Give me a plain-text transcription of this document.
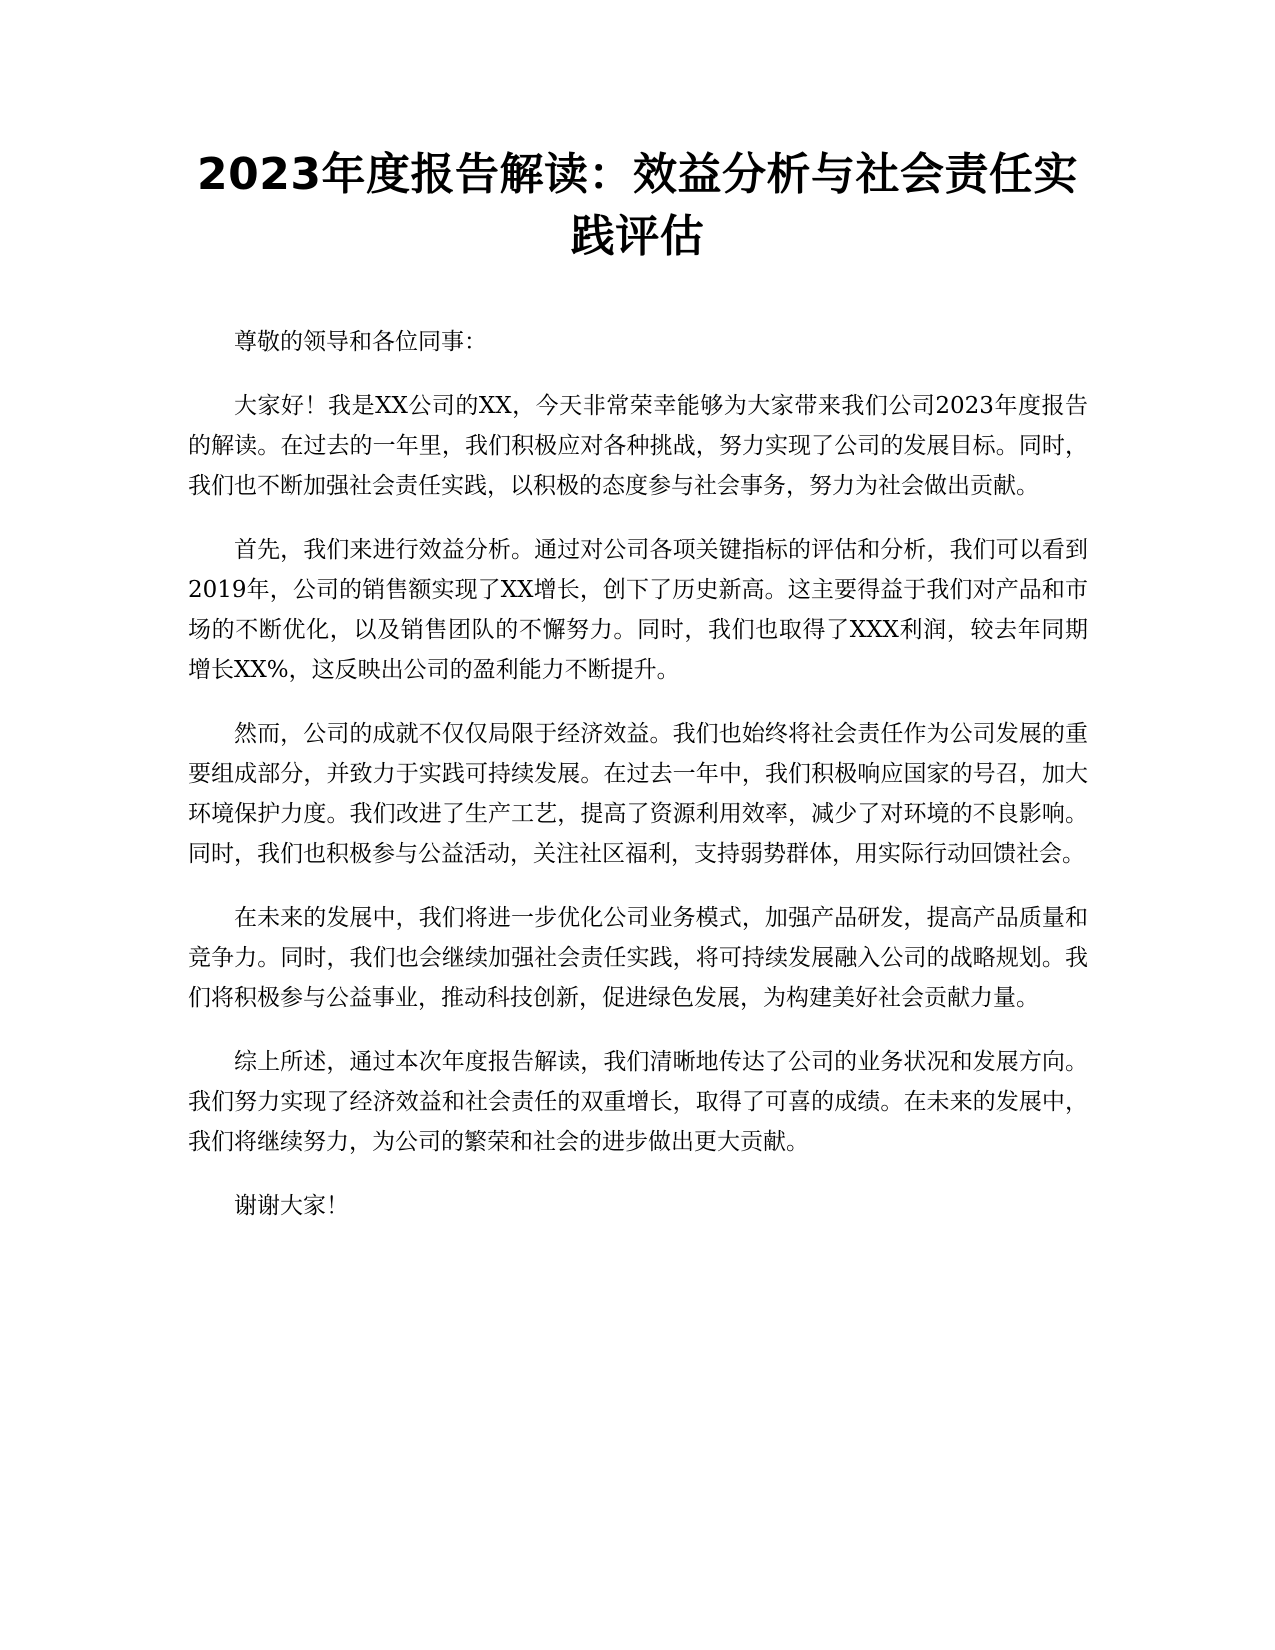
2023年度报告解读：效益分析与社会责任实践评估

尊敬的领导和各位同事：

大家好！我是XX公司的XX，今天非常荣幸能够为大家带来我们公司2023年度报告的解读。在过去的一年里，我们积极应对各种挑战，努力实现了公司的发展目标。同时，我们也不断加强社会责任实践，以积极的态度参与社会事务，努力为社会做出贡献。

首先，我们来进行效益分析。通过对公司各项关键指标的评估和分析，我们可以看到2019年，公司的销售额实现了XX增长，创下了历史新高。这主要得益于我们对产品和市场的不断优化，以及销售团队的不懈努力。同时，我们也取得了XXX利润，较去年同期增长XX%，这反映出公司的盈利能力不断提升。

然而，公司的成就不仅仅局限于经济效益。我们也始终将社会责任作为公司发展的重要组成部分，并致力于实践可持续发展。在过去一年中，我们积极响应国家的号召，加大环境保护力度。我们改进了生产工艺，提高了资源利用效率，减少了对环境的不良影响。同时，我们也积极参与公益活动，关注社区福利，支持弱势群体，用实际行动回馈社会。

在未来的发展中，我们将进一步优化公司业务模式，加强产品研发，提高产品质量和竞争力。同时，我们也会继续加强社会责任实践，将可持续发展融入公司的战略规划。我们将积极参与公益事业，推动科技创新，促进绿色发展，为构建美好社会贡献力量。

综上所述，通过本次年度报告解读，我们清晰地传达了公司的业务状况和发展方向。我们努力实现了经济效益和社会责任的双重增长，取得了可喜的成绩。在未来的发展中，我们将继续努力，为公司的繁荣和社会的进步做出更大贡献。

谢谢大家！
